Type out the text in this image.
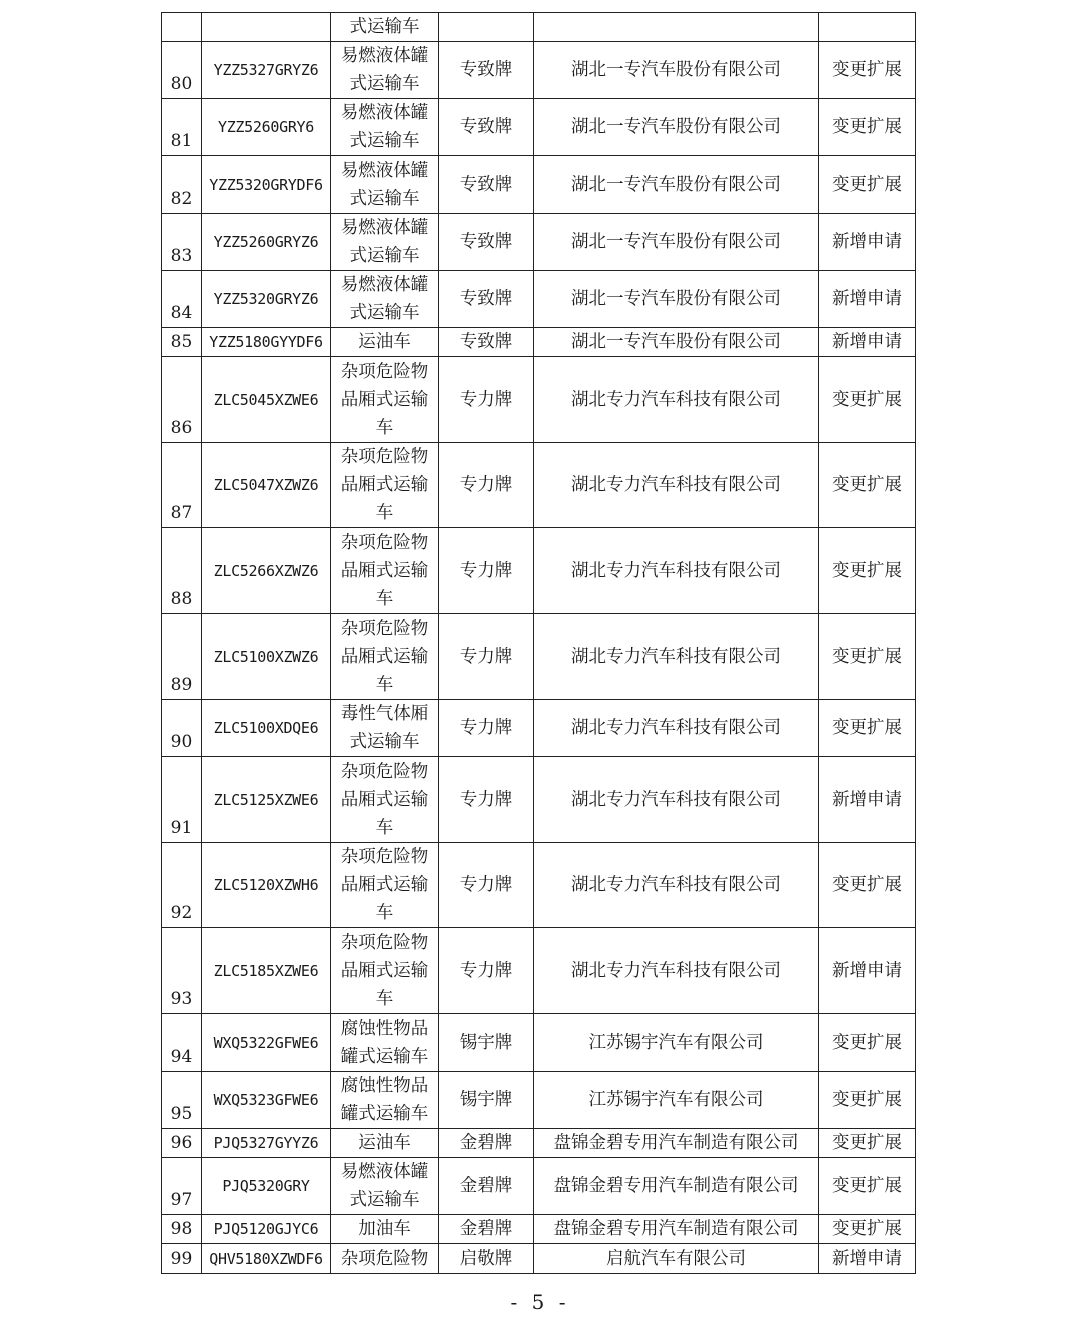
		式运输车			
80	YZZ5327GRYZ6	易燃液体罐式运输车	专致牌	湖北一专汽车股份有限公司	变更扩展
81	YZZ5260GRY6	易燃液体罐式运输车	专致牌	湖北一专汽车股份有限公司	变更扩展
82	YZZ5320GRYDF6	易燃液体罐式运输车	专致牌	湖北一专汽车股份有限公司	变更扩展
83	YZZ5260GRYZ6	易燃液体罐式运输车	专致牌	湖北一专汽车股份有限公司	新增申请
84	YZZ5320GRYZ6	易燃液体罐式运输车	专致牌	湖北一专汽车股份有限公司	新增申请
85	YZZ5180GYYDF6	运油车	专致牌	湖北一专汽车股份有限公司	新增申请
86	ZLC5045XZWE6	杂项危险物品厢式运输车	专力牌	湖北专力汽车科技有限公司	变更扩展
87	ZLC5047XZWZ6	杂项危险物品厢式运输车	专力牌	湖北专力汽车科技有限公司	变更扩展
88	ZLC5266XZWZ6	杂项危险物品厢式运输车	专力牌	湖北专力汽车科技有限公司	变更扩展
89	ZLC5100XZWZ6	杂项危险物品厢式运输车	专力牌	湖北专力汽车科技有限公司	变更扩展
90	ZLC5100XDQE6	毒性气体厢式运输车	专力牌	湖北专力汽车科技有限公司	变更扩展
91	ZLC5125XZWE6	杂项危险物品厢式运输车	专力牌	湖北专力汽车科技有限公司	新增申请
92	ZLC5120XZWH6	杂项危险物品厢式运输车	专力牌	湖北专力汽车科技有限公司	变更扩展
93	ZLC5185XZWE6	杂项危险物品厢式运输车	专力牌	湖北专力汽车科技有限公司	新增申请
94	WXQ5322GFWE6	腐蚀性物品罐式运输车	锡宇牌	江苏锡宇汽车有限公司	变更扩展
95	WXQ5323GFWE6	腐蚀性物品罐式运输车	锡宇牌	江苏锡宇汽车有限公司	变更扩展
96	PJQ5327GYYZ6	运油车	金碧牌	盘锦金碧专用汽车制造有限公司	变更扩展
97	PJQ5320GRY	易燃液体罐式运输车	金碧牌	盘锦金碧专用汽车制造有限公司	变更扩展
98	PJQ5120GJYC6	加油车	金碧牌	盘锦金碧专用汽车制造有限公司	变更扩展
99	QHV5180XZWDF6	杂项危险物	启敬牌	启航汽车有限公司	新增申请
- 5 -
